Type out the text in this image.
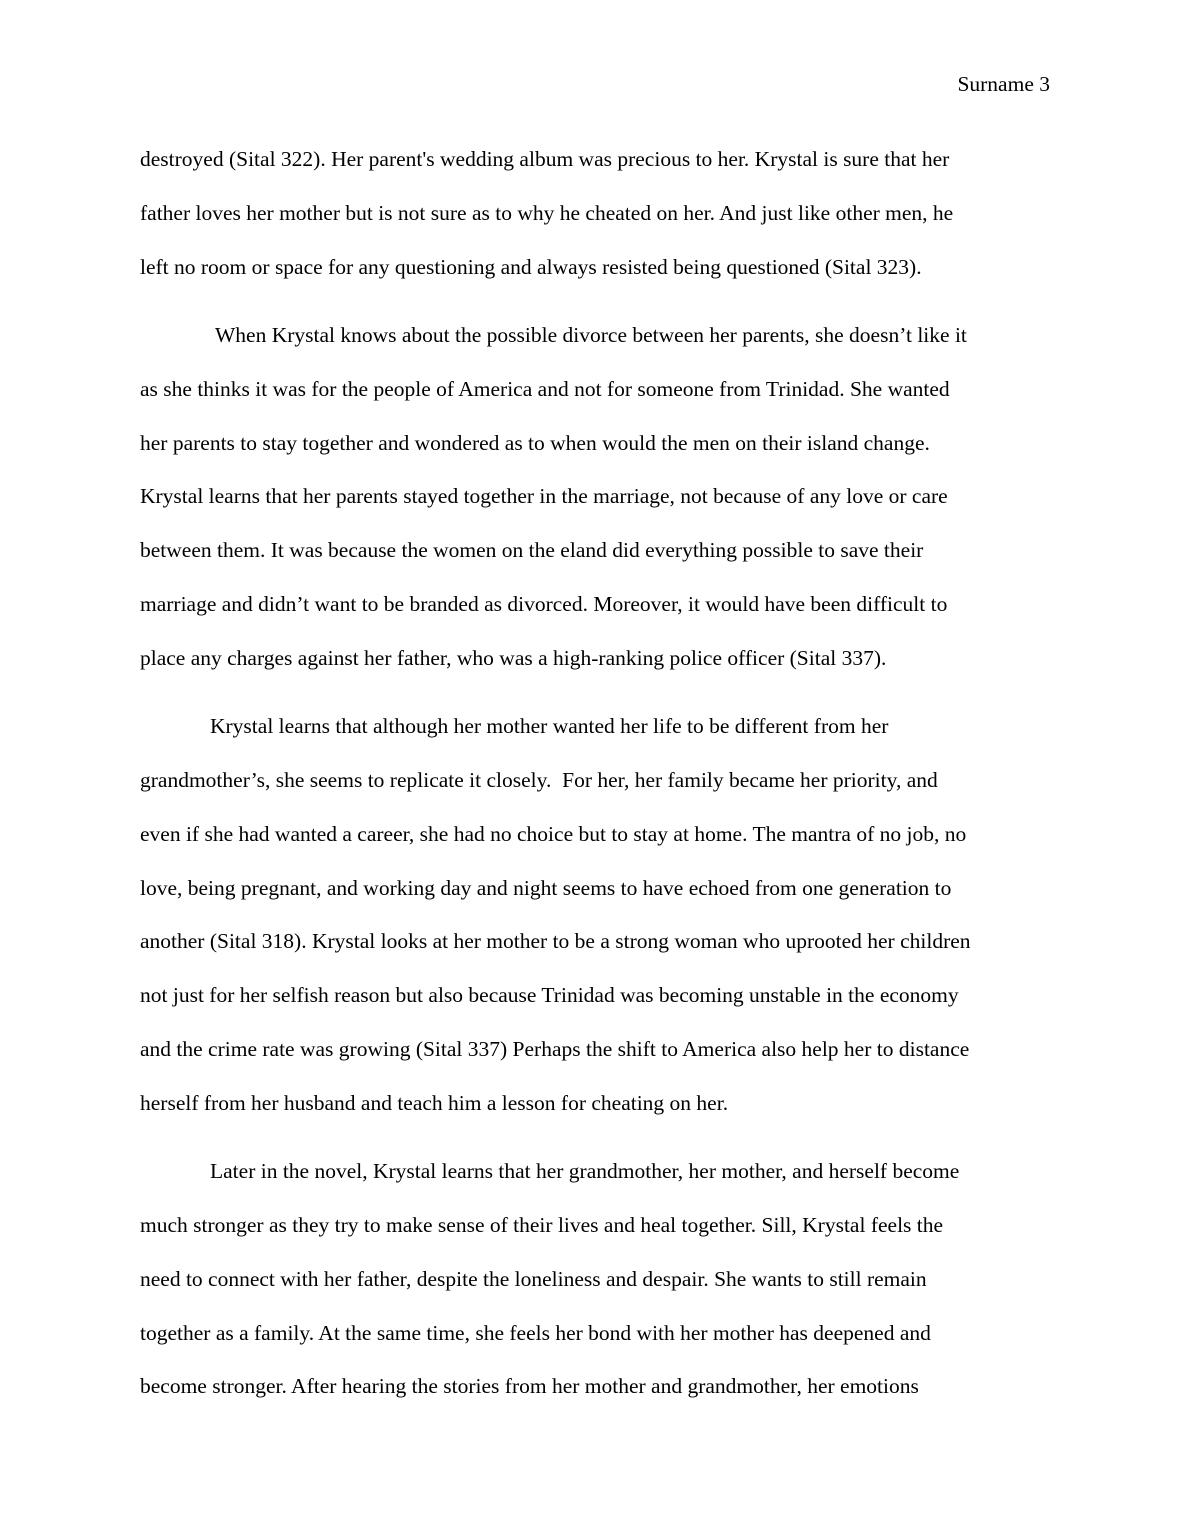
Surname 3
destroyed (Sital 322). Her parent's wedding album was precious to her. Krystal is sure that her
father loves her mother but is not sure as to why he cheated on her. And just like other men, he
left no room or space for any questioning and always resisted being questioned (Sital 323).
When Krystal knows about the possible divorce between her parents, she doesn’t like it
as she thinks it was for the people of America and not for someone from Trinidad. She wanted
her parents to stay together and wondered as to when would the men on their island change.
Krystal learns that her parents stayed together in the marriage, not because of any love or care
between them. It was because the women on the eland did everything possible to save their
marriage and didn’t want to be branded as divorced. Moreover, it would have been difficult to
place any charges against her father, who was a high-ranking police officer (Sital 337).
Krystal learns that although her mother wanted her life to be different from her
grandmother’s, she seems to replicate it closely.  For her, her family became her priority, and
even if she had wanted a career, she had no choice but to stay at home. The mantra of no job, no
love, being pregnant, and working day and night seems to have echoed from one generation to
another (Sital 318). Krystal looks at her mother to be a strong woman who uprooted her children
not just for her selfish reason but also because Trinidad was becoming unstable in the economy
and the crime rate was growing (Sital 337) Perhaps the shift to America also help her to distance
herself from her husband and teach him a lesson for cheating on her.
Later in the novel, Krystal learns that her grandmother, her mother, and herself become
much stronger as they try to make sense of their lives and heal together. Sill, Krystal feels the
need to connect with her father, despite the loneliness and despair. She wants to still remain
together as a family. At the same time, she feels her bond with her mother has deepened and
become stronger. After hearing the stories from her mother and grandmother, her emotions
